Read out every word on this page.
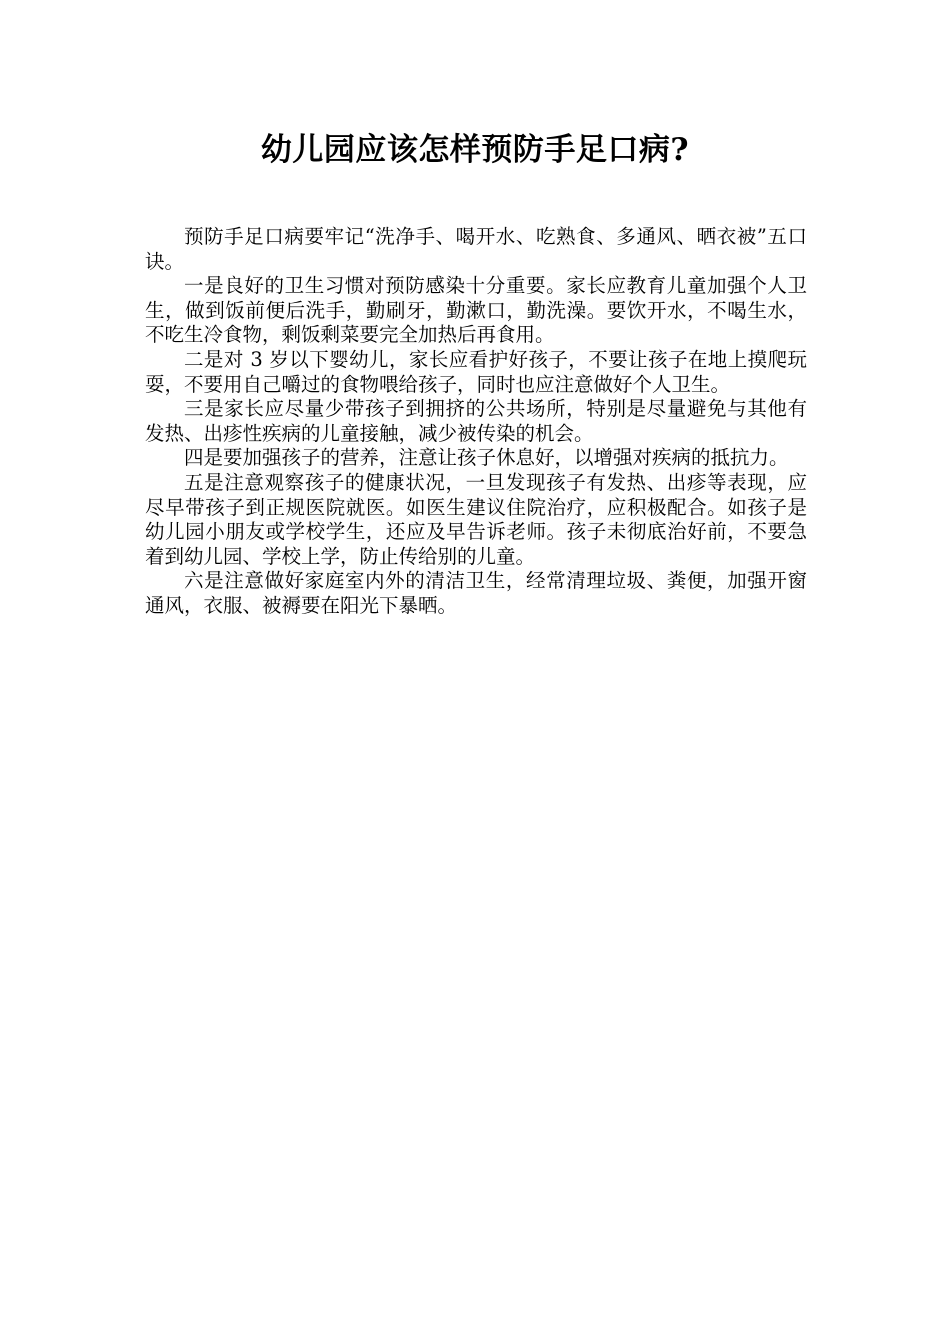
幼儿园应该怎样预防手足口病?

预防手足口病要牢记“洗净手、喝开水、吃熟食、多通风、晒衣被”五口诀。

一是良好的卫生习惯对预防感染十分重要。家长应教育儿童加强个人卫生，做到饭前便后洗手，勤刷牙，勤漱口，勤洗澡。要饮开水，不喝生水，不吃生冷食物，剩饭剩菜要完全加热后再食用。

二是对 3 岁以下婴幼儿，家长应看护好孩子，不要让孩子在地上摸爬玩耍，不要用自己嚼过的食物喂给孩子，同时也应注意做好个人卫生。

三是家长应尽量少带孩子到拥挤的公共场所，特别是尽量避免与其他有发热、出疹性疾病的儿童接触，减少被传染的机会。

四是要加强孩子的营养，注意让孩子休息好，以增强对疾病的抵抗力。

五是注意观察孩子的健康状况，一旦发现孩子有发热、出疹等表现，应尽早带孩子到正规医院就医。如医生建议住院治疗，应积极配合。如孩子是幼儿园小朋友或学校学生，还应及早告诉老师。孩子未彻底治好前，不要急着到幼儿园、学校上学，防止传给别的儿童。

六是注意做好家庭室内外的清洁卫生，经常清理垃圾、粪便，加强开窗通风，衣服、被褥要在阳光下暴晒。
